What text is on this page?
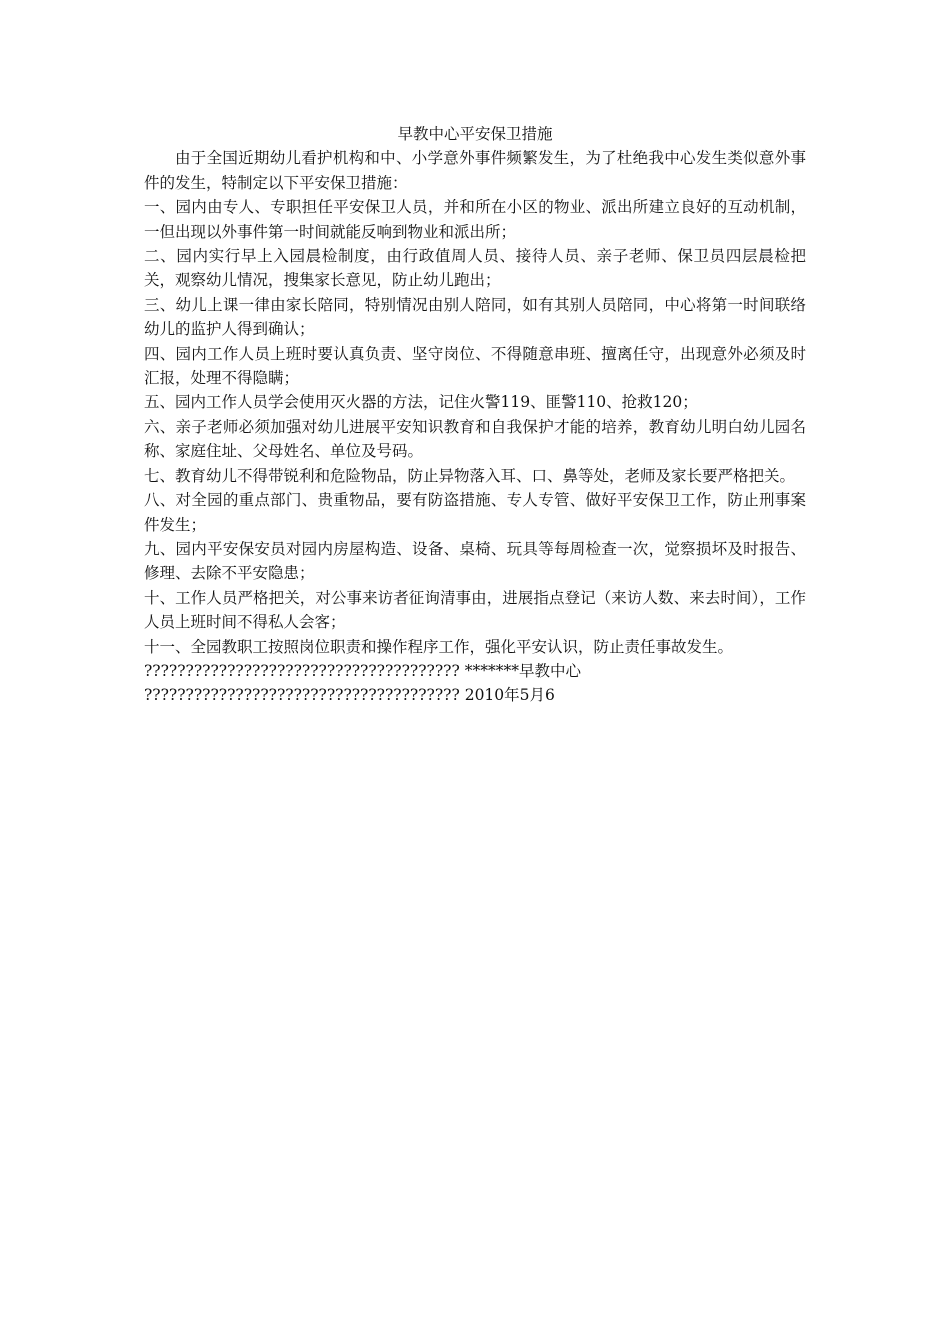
早教中心平安保卫措施

由于全国近期幼儿看护机构和中、小学意外事件频繁发生，为了杜绝我中心发生类似意外事件的发生，特制定以下平安保卫措施：

一、园内由专人、专职担任平安保卫人员，并和所在小区的物业、派出所建立良好的互动机制，一但出现以外事件第一时间就能反响到物业和派出所；

二、园内实行早上入园晨检制度，由行政值周人员、接待人员、亲子老师、保卫员四层晨检把关，观察幼儿情况，搜集家长意见，防止幼儿跑出；

三、幼儿上课一律由家长陪同，特别情况由别人陪同，如有其别人员陪同，中心将第一时间联络幼儿的监护人得到确认；

四、园内工作人员上班时要认真负责、坚守岗位、不得随意串班、擅离任守，出现意外必须及时汇报，处理不得隐瞒；

五、园内工作人员学会使用灭火器的方法，记住火警119、匪警110、抢救120；

六、亲子老师必须加强对幼儿进展平安知识教育和自我保护才能的培养，教育幼儿明白幼儿园名称、家庭住址、父母姓名、单位及号码。

七、教育幼儿不得带锐利和危险物品，防止异物落入耳、口、鼻等处，老师及家长要严格把关。

八、对全园的重点部门、贵重物品，要有防盗措施、专人专管、做好平安保卫工作，防止刑事案件发生；

九、园内平安保安员对园内房屋构造、设备、桌椅、玩具等每周检查一次，觉察损坏及时报告、修理、去除不平安隐患；

十、工作人员严格把关，对公事来访者征询清事由，进展指点登记（来访人数、来去时间），工作人员上班时间不得私人会客；

十一、全园教职工按照岗位职责和操作程序工作，强化平安认识，防止责任事故发生。

?????????????????????????????????????? *******早教中心

?????????????????????????????????????? 2010年5月6
